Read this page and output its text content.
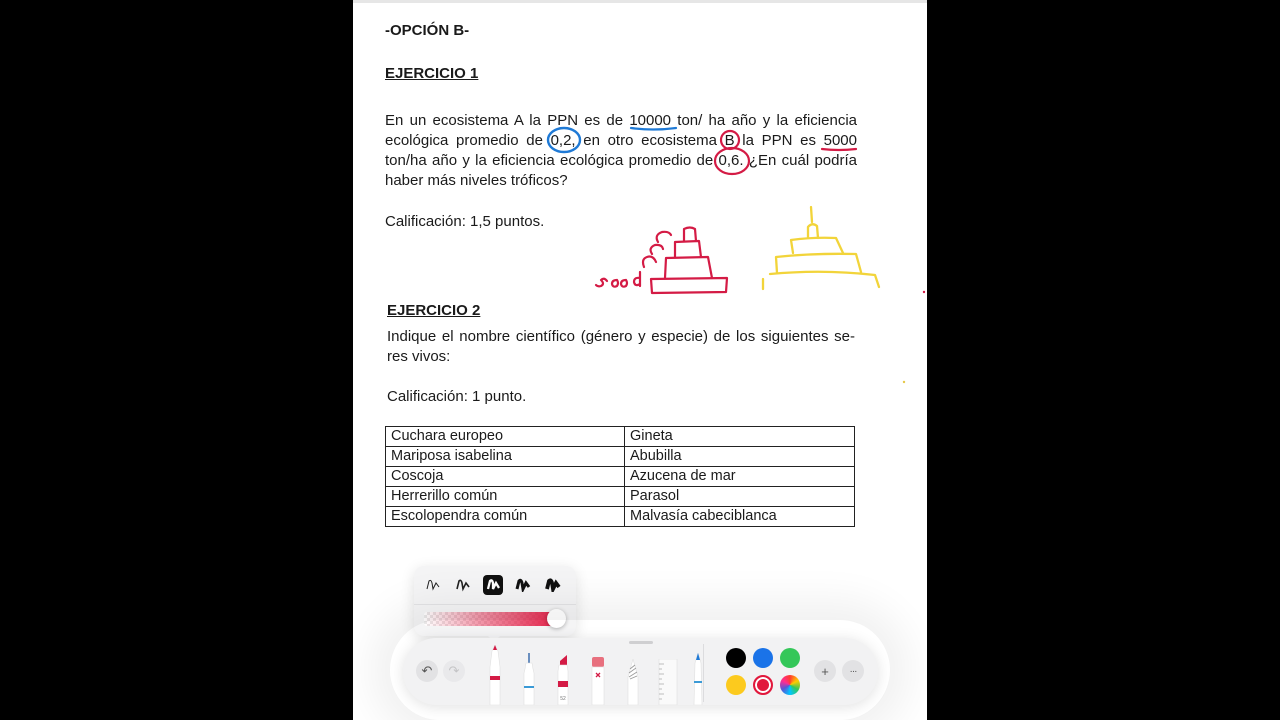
-OPCIÓN B-
EJERCICIO 1
En un ecosistema A la PPN es de 10000 ton/ ha año y la eficiencia
ecológica promedio de 0,2, en otro ecosistema B la PPN es 5000
ton/ha año y la eficiencia ecológica promedio de 0,6. ¿En cuál podría
haber más niveles tróficos?
Calificación: 1,5 puntos.
EJERCICIO 2
Indique el nombre científico (género y especie) de los siguientes se-
res vivos:
Calificación: 1 punto.
Cuchara europeo	Gineta
Mariposa isabelina	Abubilla
Coscoja	Azucena de mar
Herrerillo común	Parasol
Escolopendra común	Malvasía cabeciblanca
↶ ↷
52
+ ···
